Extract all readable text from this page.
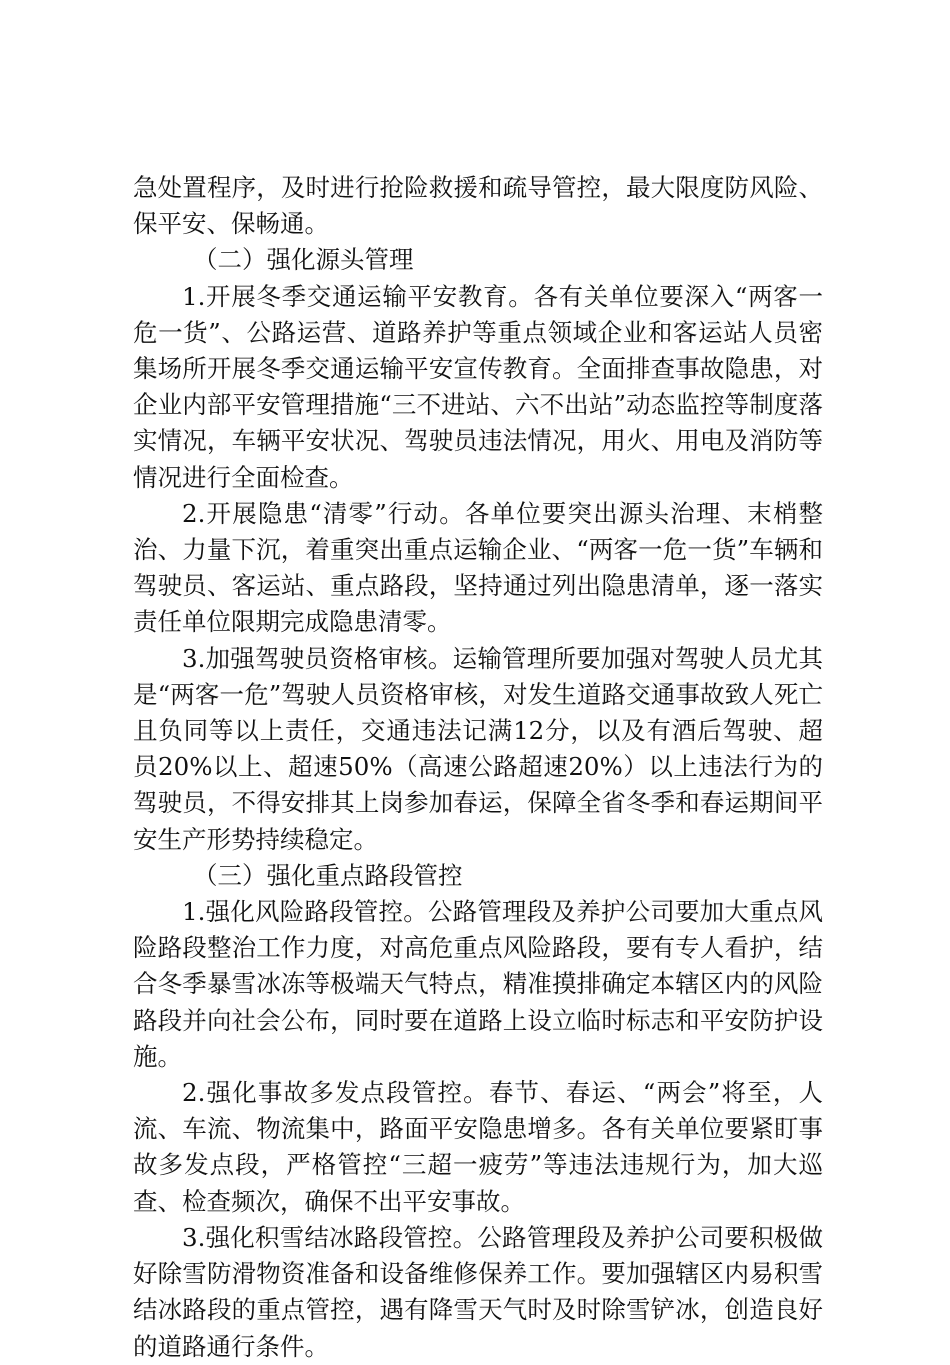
急处置程序，及时进行抢险救援和疏导管控，最大限度防风险、保平安、保畅通。

（二）强化源头管理

1.开展冬季交通运输平安教育。各有关单位要深入“两客一危一货”、公路运营、道路养护等重点领域企业和客运站人员密集场所开展冬季交通运输平安宣传教育。全面排查事故隐患，对企业内部平安管理措施“三不进站、六不出站”动态监控等制度落实情况，车辆平安状况、驾驶员违法情况，用火、用电及消防等情况进行全面检查。

2.开展隐患“清零”行动。各单位要突出源头治理、末梢整治、力量下沉，着重突出重点运输企业、“两客一危一货”车辆和驾驶员、客运站、重点路段，坚持通过列出隐患清单，逐一落实责任单位限期完成隐患清零。

3.加强驾驶员资格审核。运输管理所要加强对驾驶人员尤其是“两客一危”驾驶人员资格审核，对发生道路交通事故致人死亡且负同等以上责任，交通违法记满12分，以及有酒后驾驶、超员20%以上、超速50%（高速公路超速20%）以上违法行为的驾驶员，不得安排其上岗参加春运，保障全省冬季和春运期间平安生产形势持续稳定。

（三）强化重点路段管控

1.强化风险路段管控。公路管理段及养护公司要加大重点风险路段整治工作力度，对高危重点风险路段，要有专人看护，结合冬季暴雪冰冻等极端天气特点，精准摸排确定本辖区内的风险路段并向社会公布，同时要在道路上设立临时标志和平安防护设施。

2.强化事故多发点段管控。春节、春运、“两会”将至，人流、车流、物流集中，路面平安隐患增多。各有关单位要紧盯事故多发点段，严格管控“三超一疲劳”等违法违规行为，加大巡查、检查频次，确保不出平安事故。

3.强化积雪结冰路段管控。公路管理段及养护公司要积极做好除雪防滑物资准备和设备维修保养工作。要加强辖区内易积雪结冰路段的重点管控，遇有降雪天气时及时除雪铲冰，创造良好的道路通行条件。
